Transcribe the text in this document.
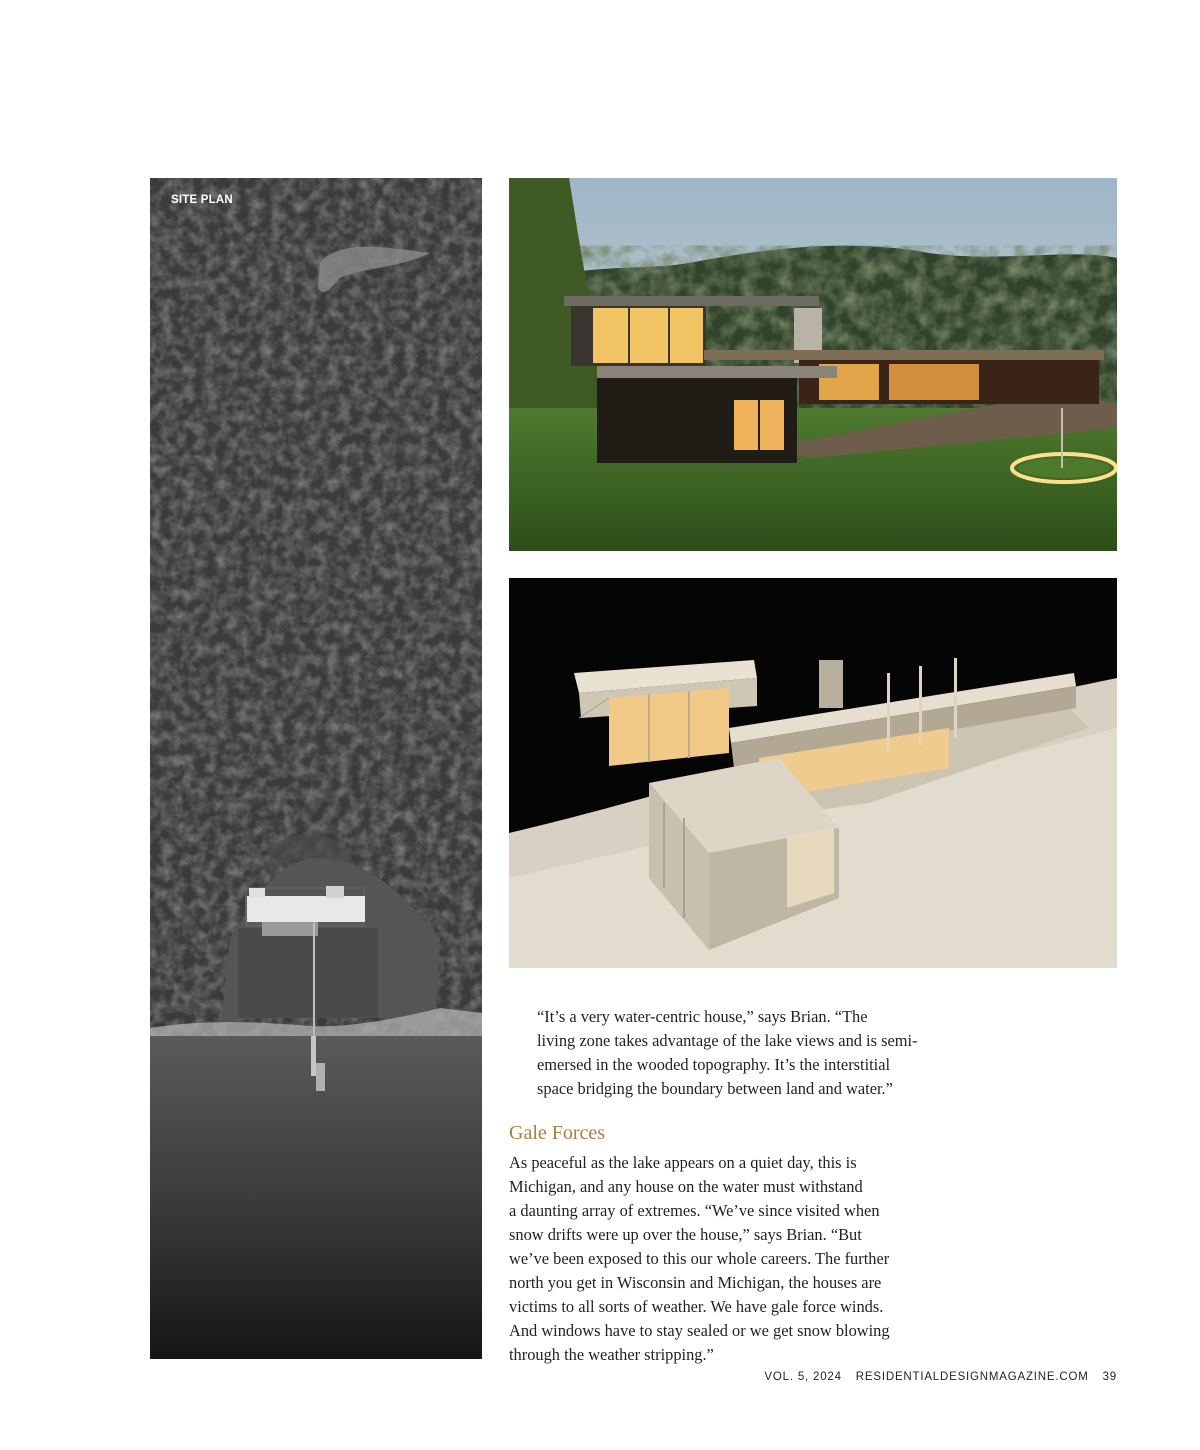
SITE PLAN

“It’s a very water-centric house,” says Brian. “The
living zone takes advantage of the lake views and is semi-
emersed in the wooded topography. It’s the interstitial
space bridging the boundary between land and water.”

Gale Forces

As peaceful as the lake appears on a quiet day, this is
Michigan, and any house on the water must withstand
a daunting array of extremes. “We’ve since visited when
snow drifts were up over the house,” says Brian. “But
we’ve been exposed to this our whole careers. The further
north you get in Wisconsin and Michigan, the houses are
victims to all sorts of weather. We have gale force winds.
And windows have to stay sealed or we get snow blowing
through the weather stripping.”

VOL. 5, 2024 RESIDENTIALDESIGNMAGAZINE.COM 39
